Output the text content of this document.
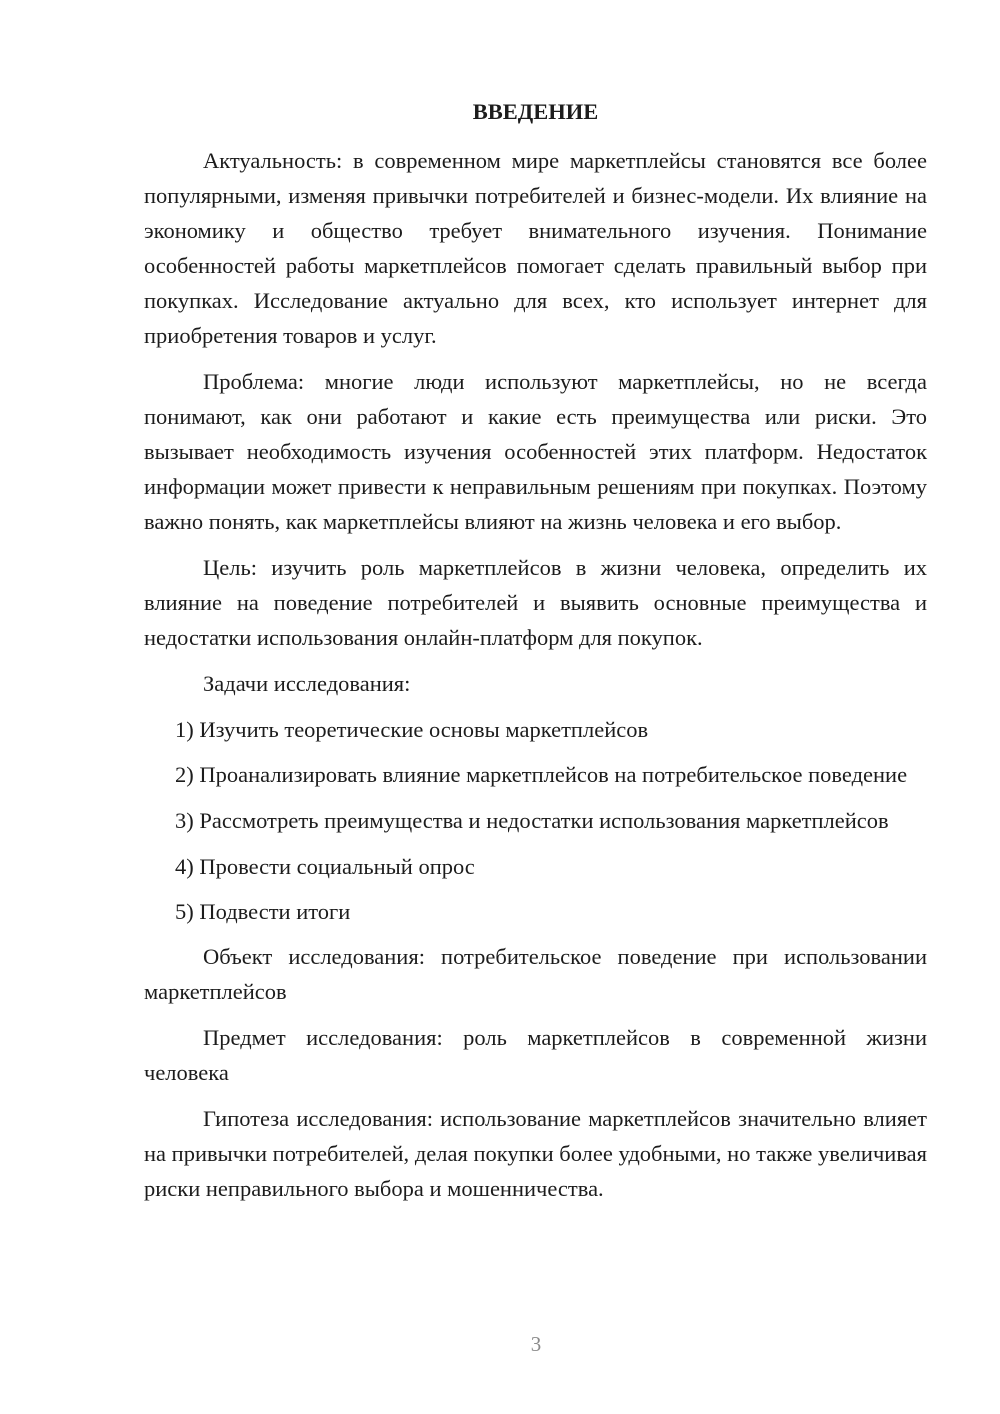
ВВЕДЕНИЕ

Актуальность: в современном мире маркетплейсы становятся все более популярными, изменяя привычки потребителей и бизнес-модели. Их влияние на экономику и общество требует внимательного изучения. Понимание особенностей работы маркетплейсов помогает сделать правильный выбор при покупках. Исследование актуально для всех, кто использует интернет для приобретения товаров и услуг.

Проблема: многие люди используют маркетплейсы, но не всегда понимают, как они работают и какие есть преимущества или риски. Это вызывает необходимость изучения особенностей этих платформ. Недостаток информации может привести к неправильным решениям при покупках. Поэтому важно понять, как маркетплейсы влияют на жизнь человека и его выбор.

Цель: изучить роль маркетплейсов в жизни человека, определить их влияние на поведение потребителей и выявить основные преимущества и недостатки использования онлайн-платформ для покупок.

Задачи исследования:

1) Изучить теоретические основы маркетплейсов

2) Проанализировать влияние маркетплейсов на потребительское поведение

3) Рассмотреть преимущества и недостатки использования маркетплейсов

4) Провести социальный опрос

5) Подвести итоги

Объект исследования: потребительское поведение при использовании маркетплейсов

Предмет исследования: роль маркетплейсов в современной жизни человека

Гипотеза исследования: использование маркетплейсов значительно влияет на привычки потребителей, делая покупки более удобными, но также увеличивая риски неправильного выбора и мошенничества.

3
